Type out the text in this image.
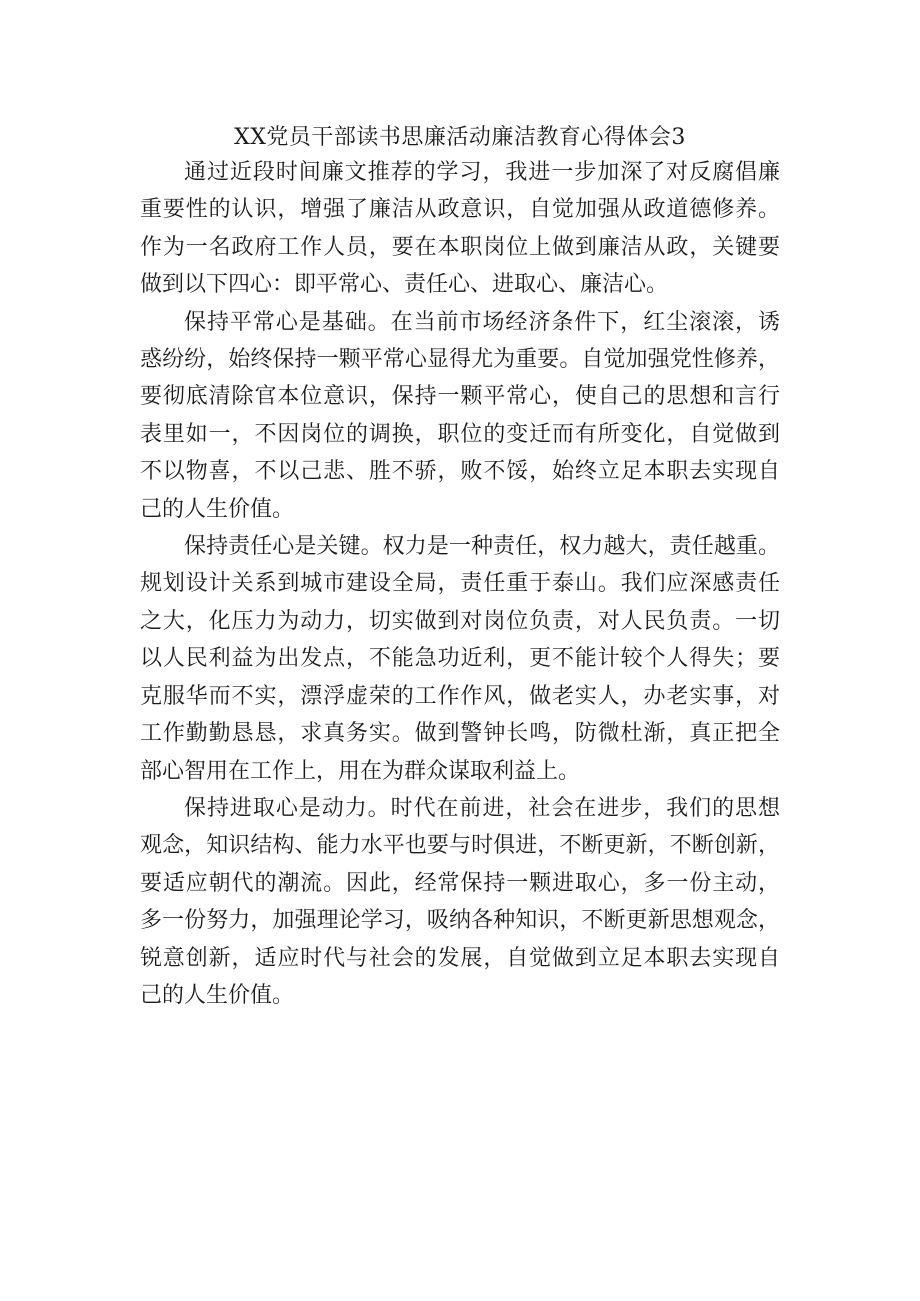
XX党员干部读书思廉活动廉洁教育心得体会3

通过近段时间廉文推荐的学习，我进一步加深了对反腐倡廉
重要性的认识，增强了廉洁从政意识，自觉加强从政道德修养。
作为一名政府工作人员，要在本职岗位上做到廉洁从政，关键要
做到以下四心：即平常心、责任心、进取心、廉洁心。

保持平常心是基础。在当前市场经济条件下，红尘滚滚，诱
惑纷纷，始终保持一颗平常心显得尤为重要。自觉加强党性修养，
要彻底清除官本位意识，保持一颗平常心，使自己的思想和言行
表里如一，不因岗位的调换，职位的变迁而有所变化，自觉做到
不以物喜，不以己悲、胜不骄，败不馁，始终立足本职去实现自
己的人生价值。

保持责任心是关键。权力是一种责任，权力越大，责任越重。
规划设计关系到城市建设全局，责任重于泰山。我们应深感责任
之大，化压力为动力，切实做到对岗位负责，对人民负责。一切
以人民利益为出发点，不能急功近利，更不能计较个人得失；要
克服华而不实，漂浮虚荣的工作作风，做老实人，办老实事，对
工作勤勤恳恳，求真务实。做到警钟长鸣，防微杜渐，真正把全
部心智用在工作上，用在为群众谋取利益上。

保持进取心是动力。时代在前进，社会在进步，我们的思想
观念，知识结构、能力水平也要与时俱进，不断更新，不断创新，
要适应朝代的潮流。因此，经常保持一颗进取心，多一份主动，
多一份努力，加强理论学习，吸纳各种知识，不断更新思想观念，
锐意创新，适应时代与社会的发展，自觉做到立足本职去实现自
己的人生价值。
